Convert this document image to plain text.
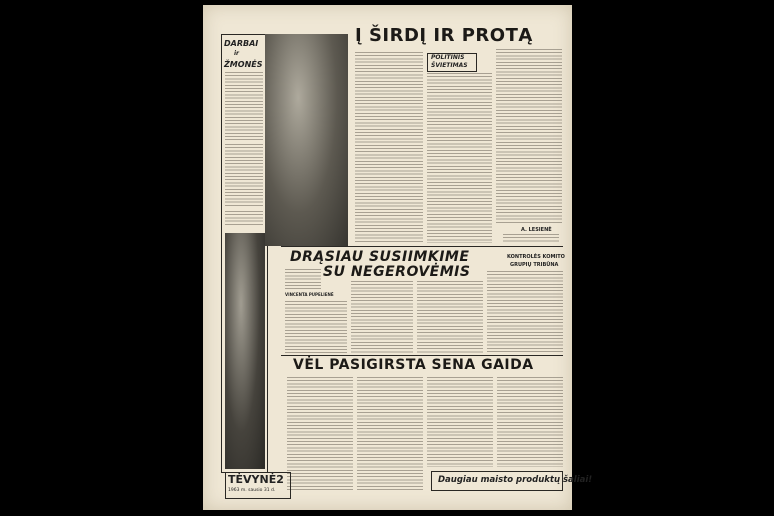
DARBAI
ir
ŽMONĖS
Į ŠIRDĮ IR PROTĄ
POLITINIS
ŠVIETIMAS
A. LESIENĖ
DRĄSIAU SUSIIMKIME
SU NEGEROVĖMIS
KONTROLĖS KOMITO
GRUPIŲ TRIBŪNA
VINCENTA PUPELIENĖ
VĖL PASIGIRSTA SENA GAIDA
Daugiau maisto produktų šaliai!
TĖVYNĖ2
1963 m. sausio 31 d.
